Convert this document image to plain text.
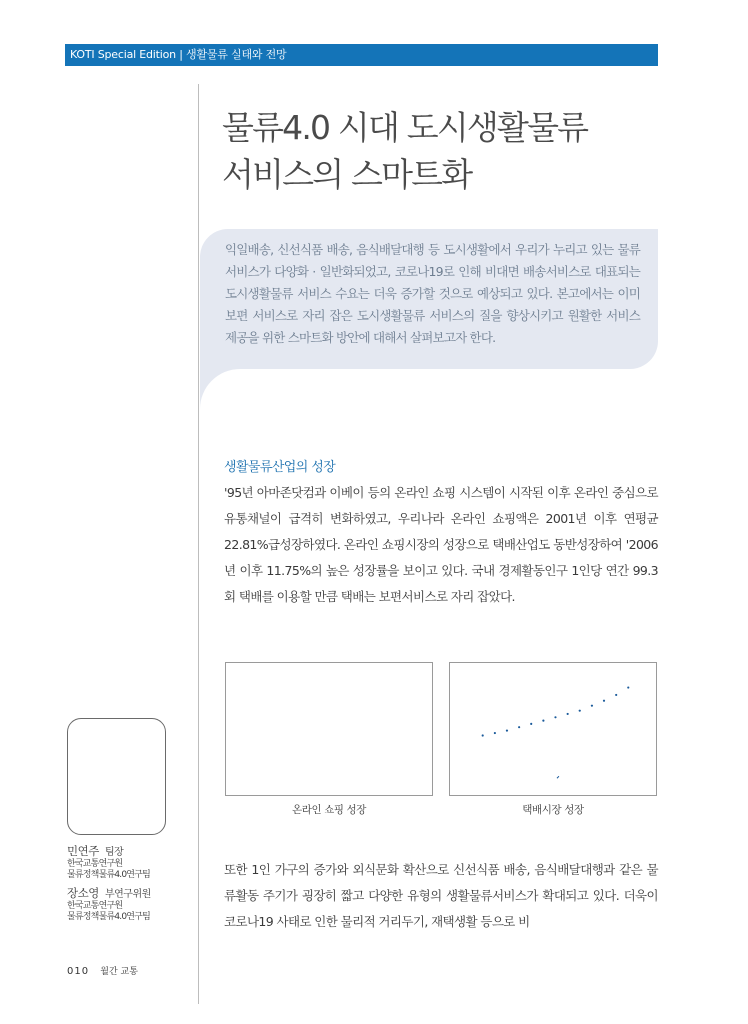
KOTI Special Edition | 생활물류 실태와 전망
물류4.0 시대 도시생활물류
서비스의 스마트화
익일배송, 신선식품 배송, 음식배달대행 등 도시생활에서 우리가 누리고 있는 물류서비스가 다양화 · 일반화되었고, 코로나19로 인해 비대면 배송서비스로 대표되는 도시생활물류 서비스 수요는 더욱 증가할 것으로 예상되고 있다. 본고에서는 이미 보편 서비스로 자리 잡은 도시생활물류 서비스의 질을 향상시키고 원활한 서비스 제공을 위한 스마트화 방안에 대해서 살펴보고자 한다.
생활물류산업의 성장
'95년 아마존닷컴과 이베이 등의 온라인 쇼핑 시스템이 시작된 이후 온라인 중심으로 유통채널이 급격히 변화하였고, 우리나라 온라인 쇼핑액은 2001년 이후 연평균 22.81%급성장하였다. 온라인 쇼핑시장의 성장으로 택배산업도 동반성장하여 '2006년 이후 11.75%의 높은 성장률을 보이고 있다. 국내 경제활동인구 1인당 연간 99.3회 택배를 이용할 만큼 택배는 보편서비스로 자리 잡았다.
온라인 쇼핑 성장	택배시장 성장
민연주 팀장
한국교통연구원
물류정책물류4.0연구팀
장소영 부연구위원
한국교통연구원
물류정책물류4.0연구팀
또한 1인 가구의 증가와 외식문화 확산으로 신선식품 배송, 음식배달대행과 같은 물류활동 주기가 굉장히 짧고 다양한 유형의 생활물류서비스가 확대되고 있다. 더욱이 코로나19 사태로 인한 물리적 거리두기, 재택생활 등으로 비
010 월간 교통
